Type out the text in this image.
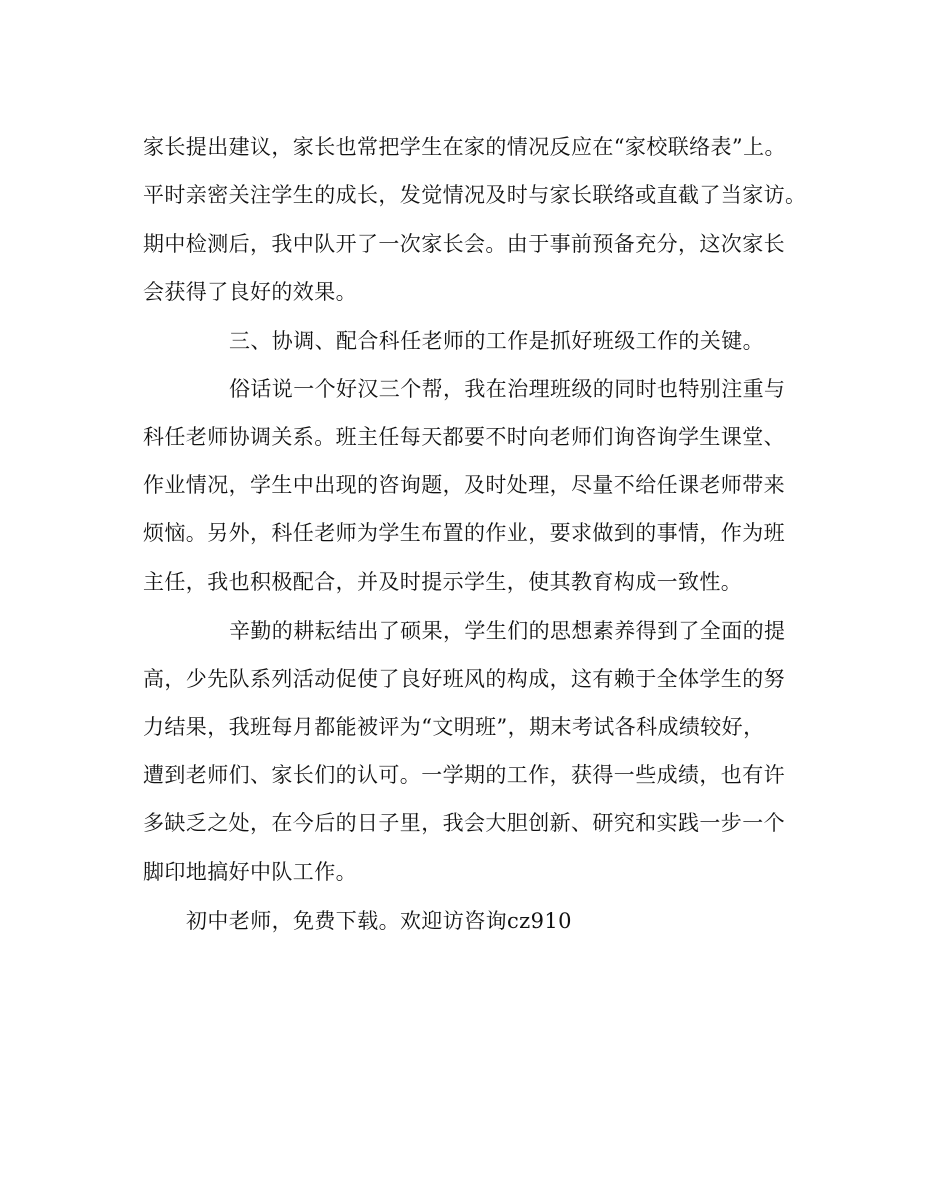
家长提出建议，家长也常把学生在家的情况反应在“家校联络表”上。

平时亲密关注学生的成长，发觉情况及时与家长联络或直截了当家访。

期中检测后，我中队开了一次家长会。由于事前预备充分，这次家长

会获得了良好的效果。

三、协调、配合科任老师的工作是抓好班级工作的关键。

俗话说一个好汉三个帮，我在治理班级的同时也特别注重与

科任老师协调关系。班主任每天都要不时向老师们询咨询学生课堂、

作业情况，学生中出现的咨询题，及时处理，尽量不给任课老师带来

烦恼。另外，科任老师为学生布置的作业，要求做到的事情，作为班

主任，我也积极配合，并及时提示学生，使其教育构成一致性。

辛勤的耕耘结出了硕果，学生们的思想素养得到了全面的提

高，少先队系列活动促使了良好班风的构成，这有赖于全体学生的努

力结果，我班每月都能被评为“文明班”，期末考试各科成绩较好，

遭到老师们、家长们的认可。一学期的工作，获得一些成绩，也有许

多缺乏之处，在今后的日子里，我会大胆创新、研究和实践一步一个

脚印地搞好中队工作。

初中老师，免费下载。欢迎访咨询cz910
